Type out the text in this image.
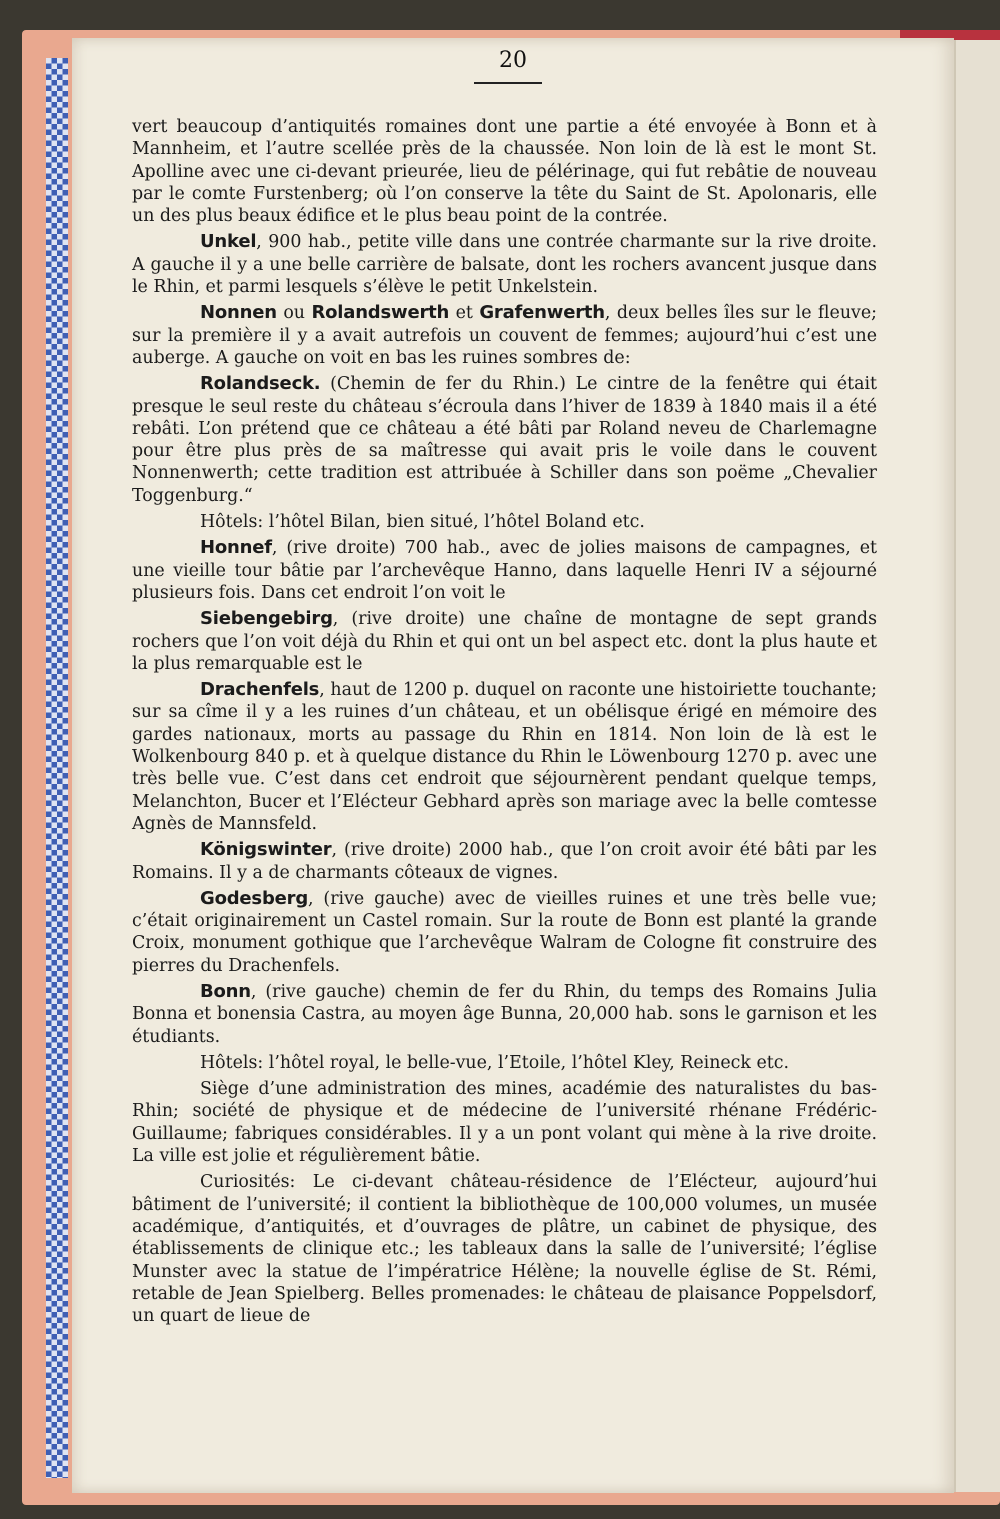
20

vert beaucoup d’antiquités romaines dont une partie a été envoyée à Bonn et à Mannheim, et l’autre scellée près de la chaussée. Non loin de là est le mont St. Apolline avec une ci-devant prieurée, lieu de pélérinage, qui fut rebâtie de nouveau par le comte Furstenberg; où l’on conserve la tête du Saint de St. Apolonaris, elle un des plus beaux édifice et le plus beau point de la contrée.

Unkel, 900 hab., petite ville dans une contrée charmante sur la rive droite. A gauche il y a une belle carrière de balsate, dont les rochers avancent jusque dans le Rhin, et parmi lesquels s’élève le petit Unkelstein.

Nonnen ou Rolandswerth et Grafenwerth, deux belles îles sur le fleuve; sur la première il y a avait autrefois un couvent de femmes; aujourd’hui c’est une auberge. A gauche on voit en bas les ruines sombres de:

Rolandseck. (Chemin de fer du Rhin.) Le cintre de la fenêtre qui était presque le seul reste du château s’écroula dans l’hiver de 1839 à 1840 mais il a été rebâti. L’on prétend que ce château a été bâti par Roland neveu de Charlemagne pour être plus près de sa maîtresse qui avait pris le voile dans le couvent Nonnenwerth; cette tradition est attribuée à Schiller dans son poëme „Chevalier Toggenburg.“

Hôtels: l’hôtel Bilan, bien situé, l’hôtel Boland etc.

Honnef, (rive droite) 700 hab., avec de jolies maisons de campagnes, et une vieille tour bâtie par l’archevêque Hanno, dans laquelle Henri IV a séjourné plusieurs fois. Dans cet endroit l’on voit le

Siebengebirg, (rive droite) une chaîne de montagne de sept grands rochers que l’on voit déjà du Rhin et qui ont un bel aspect etc. dont la plus haute et la plus remarquable est le

Drachenfels, haut de 1200 p. duquel on raconte une histoiriette touchante; sur sa cîme il y a les ruines d’un château, et un obélisque érigé en mémoire des gardes nationaux, morts au passage du Rhin en 1814. Non loin de là est le Wolkenbourg 840 p. et à quelque distance du Rhin le Löwenbourg 1270 p. avec une très belle vue. C’est dans cet endroit que séjournèrent pendant quelque temps, Melanchton, Bucer et l’Elécteur Gebhard après son mariage avec la belle comtesse Agnès de Mannsfeld.

Königswinter, (rive droite) 2000 hab., que l’on croit avoir été bâti par les Romains. Il y a de charmants côteaux de vignes.

Godesberg, (rive gauche) avec de vieilles ruines et une très belle vue; c’était originairement un Castel romain. Sur la route de Bonn est planté la grande Croix, monument gothique que l’archevêque Walram de Cologne fit construire des pierres du Drachenfels.

Bonn, (rive gauche) chemin de fer du Rhin, du temps des Romains Julia Bonna et bonensia Castra, au moyen âge Bunna, 20,000 hab. sons le garnison et les étudiants.

Hôtels: l’hôtel royal, le belle-vue, l’Etoile, l’hôtel Kley, Reineck etc.

Siège d’une administration des mines, académie des naturalistes du bas-Rhin; société de physique et de médecine de l’université rhénane Frédéric-Guillaume; fabriques considérables. Il y a un pont volant qui mène à la rive droite. La ville est jolie et régulièrement bâtie.

Curiosités: Le ci-devant château-résidence de l’Elécteur, aujourd’hui bâtiment de l’université; il contient la bibliothèque de 100,000 volumes, un musée académique, d’antiquités, et d’ouvrages de plâtre, un cabinet de physique, des établissements de clinique etc.; les tableaux dans la salle de l’université; l’église Munster avec la statue de l’impératrice Hélène; la nouvelle église de St. Rémi, retable de Jean Spielberg. Belles promenades: le château de plaisance Poppelsdorf, un quart de lieue de
